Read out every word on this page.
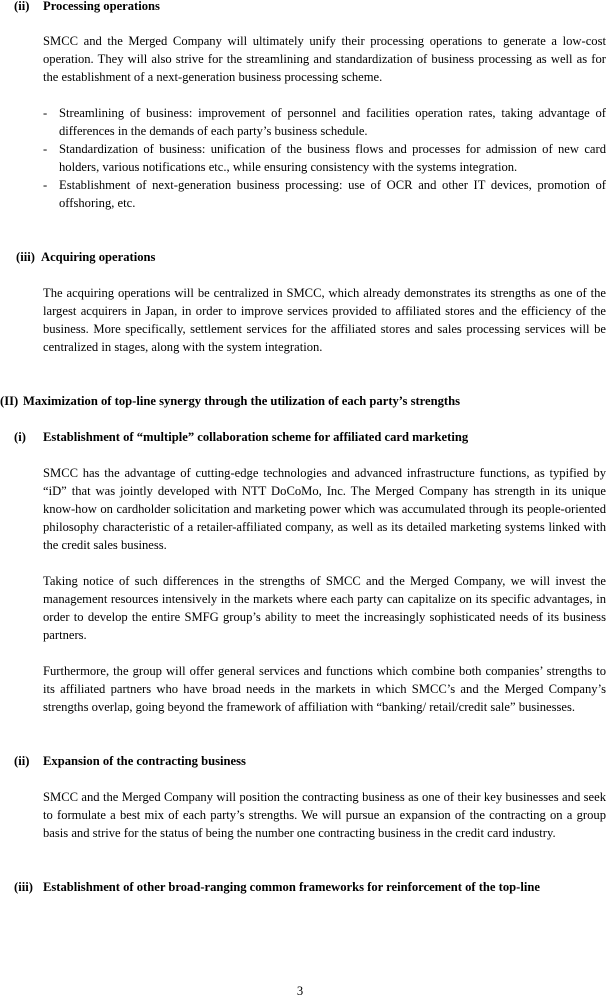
(ii) Processing operations
SMCC and the Merged Company will ultimately unify their processing operations to generate a low-cost operation. They will also strive for the streamlining and standardization of business processing as well as for the establishment of a next-generation business processing scheme.
- Streamlining of business: improvement of personnel and facilities operation rates, taking advantage of differences in the demands of each party’s business schedule.
- Standardization of business: unification of the business flows and processes for admission of new card holders, various notifications etc., while ensuring consistency with the systems integration.
- Establishment of next-generation business processing: use of OCR and other IT devices, promotion of offshoring, etc.
(iii) Acquiring operations
The acquiring operations will be centralized in SMCC, which already demonstrates its strengths as one of the largest acquirers in Japan, in order to improve services provided to affiliated stores and the efficiency of the business. More specifically, settlement services for the affiliated stores and sales processing services will be centralized in stages, along with the system integration.
(II) Maximization of top-line synergy through the utilization of each party’s strengths
(i) Establishment of “multiple” collaboration scheme for affiliated card marketing
SMCC has the advantage of cutting-edge technologies and advanced infrastructure functions, as typified by “iD” that was jointly developed with NTT DoCoMo, Inc. The Merged Company has strength in its unique know-how on cardholder solicitation and marketing power which was accumulated through its people-oriented philosophy characteristic of a retailer-affiliated company, as well as its detailed marketing systems linked with the credit sales business.
Taking notice of such differences in the strengths of SMCC and the Merged Company, we will invest the management resources intensively in the markets where each party can capitalize on its specific advantages, in order to develop the entire SMFG group’s ability to meet the increasingly sophisticated needs of its business partners.
Furthermore, the group will offer general services and functions which combine both companies’ strengths to its affiliated partners who have broad needs in the markets in which SMCC’s and the Merged Company’s strengths overlap, going beyond the framework of affiliation with “banking/ retail/credit sale” businesses.
(ii) Expansion of the contracting business
SMCC and the Merged Company will position the contracting business as one of their key businesses and seek to formulate a best mix of each party’s strengths. We will pursue an expansion of the contracting on a group basis and strive for the status of being the number one contracting business in the credit card industry.
(iii) Establishment of other broad-ranging common frameworks for reinforcement of the top-line
3
